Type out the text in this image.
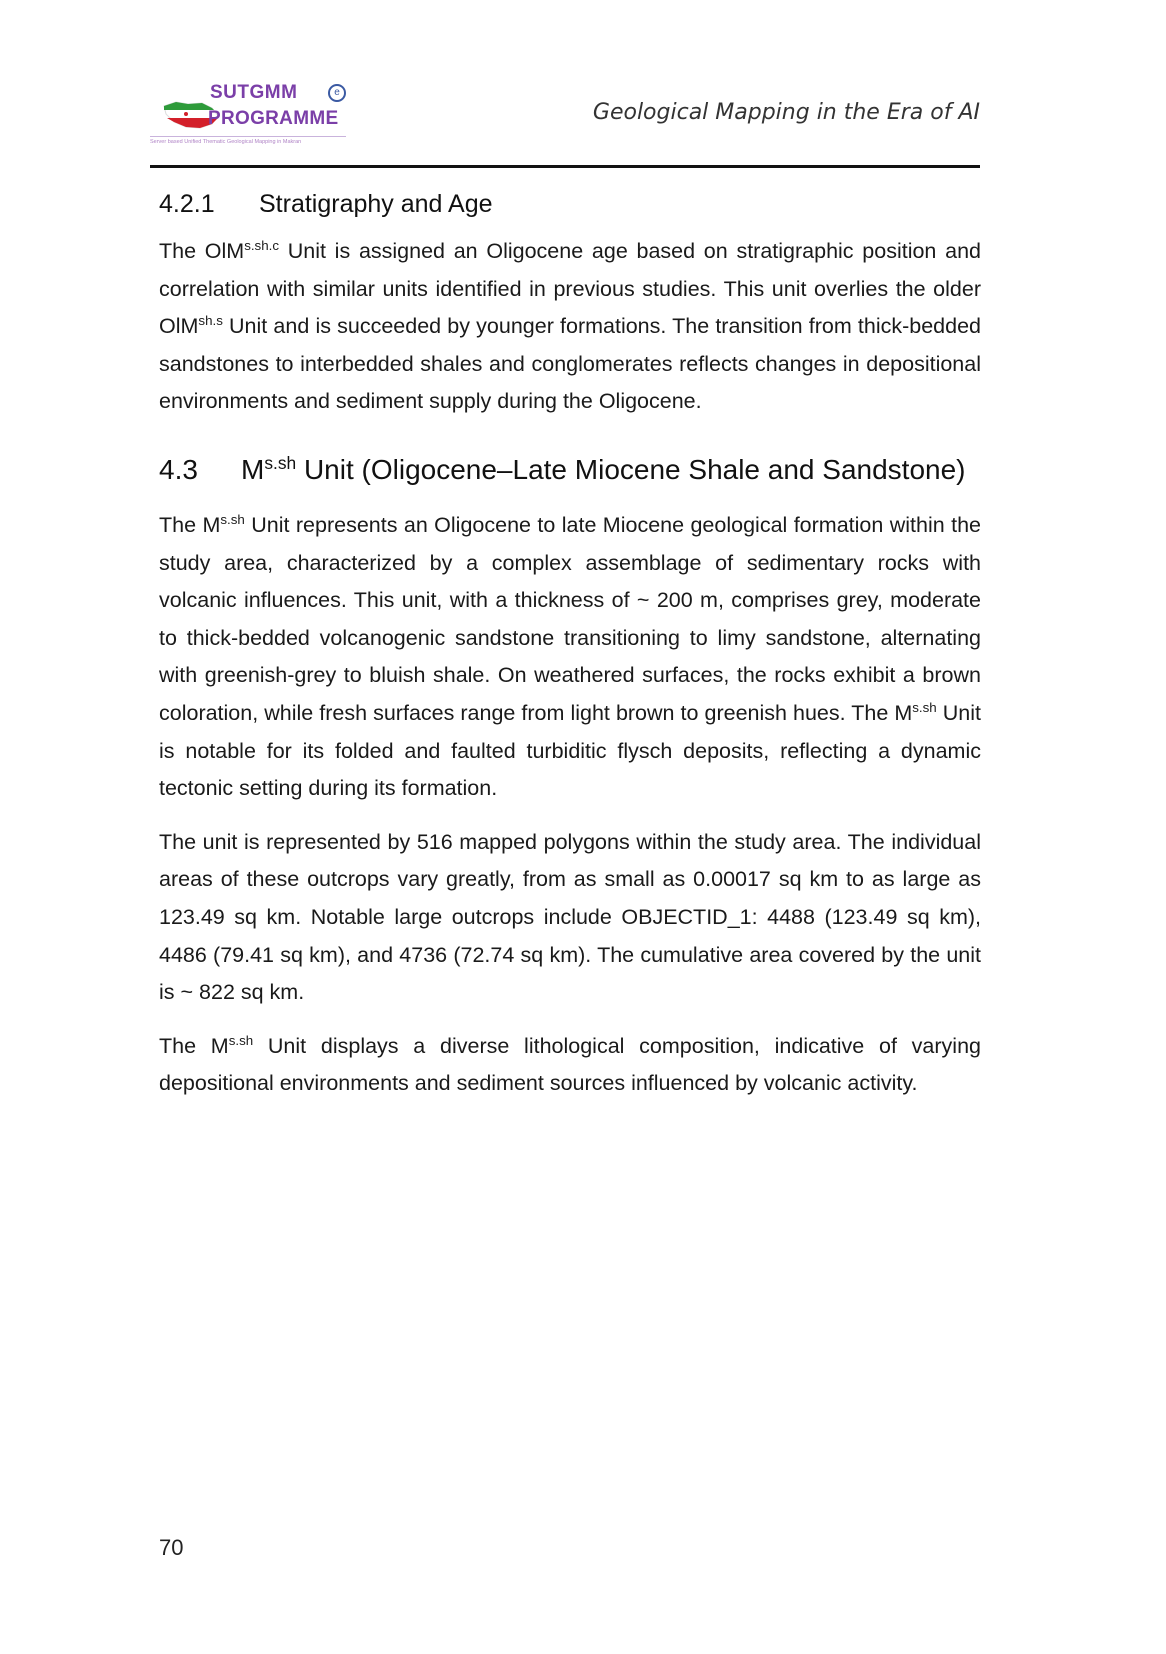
SUTGMM	e
PROGRAMME
Server based Unified Thematic Geological Mapping in Makran
Geological Mapping in the Era of AI
4.2.1	Stratigraphy and Age

The OlM$^{s.sh.c}$ Unit is assigned an Oligocene age based on stratigraphic position and correlation with similar units identified in previous studies. This unit overlies the older OlM$^{sh.s}$ Unit and is succeeded by younger formations. The transition from thick-bedded sandstones to interbedded shales and conglomerates reflects changes in depositional environments and sediment supply during the Oligocene.

4.3	$M^{s.sh}$ Unit (Oligocene–Late Miocene Shale and Sandstone)

The $M^{s.sh}$ Unit represents an Oligocene to late Miocene geological formation within the study area, characterized by a complex assemblage of sedimentary rocks with volcanic influences. This unit, with a thickness of ~ 200 m, comprises grey, moderate to thick-bedded volcanogenic sandstone transitioning to limy sandstone, alternating with greenish-grey to bluish shale. On weathered surfaces, the rocks exhibit a brown coloration, while fresh surfaces range from light brown to greenish hues. The $M^{s.sh}$ Unit is notable for its folded and faulted turbiditic flysch deposits, reflecting a dynamic tectonic setting during its formation.

The unit is represented by 516 mapped polygons within the study area. The individual areas of these outcrops vary greatly, from as small as 0.00017 sq km to as large as 123.49 sq km. Notable large outcrops include OBJECTID_1: 4488 (123.49 sq km), 4486 (79.41 sq km), and 4736 (72.74 sq km). The cumulative area covered by the unit is ~ 822 sq km.

The $M^{s.sh}$ Unit displays a diverse lithological composition, indicative of varying depositional environments and sediment sources influenced by volcanic activity.

70
